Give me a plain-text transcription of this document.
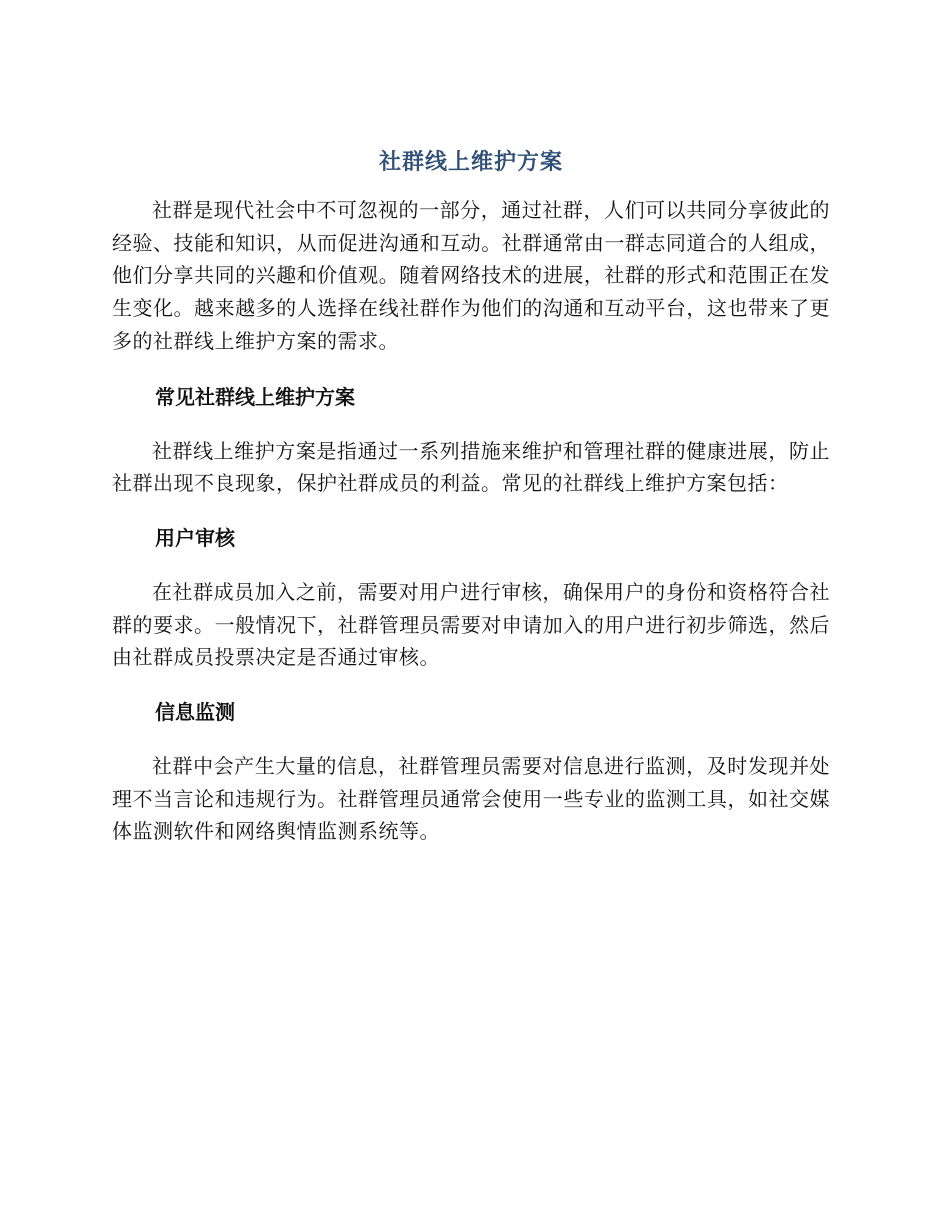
社群线上维护方案

社群是现代社会中不可忽视的一部分，通过社群，人们可以共同分享彼此的经验、技能和知识，从而促进沟通和互动。社群通常由一群志同道合的人组成，他们分享共同的兴趣和价值观。随着网络技术的进展，社群的形式和范围正在发生变化。越来越多的人选择在线社群作为他们的沟通和互动平台，这也带来了更多的社群线上维护方案的需求。

常见社群线上维护方案

社群线上维护方案是指通过一系列措施来维护和管理社群的健康进展，防止社群出现不良现象，保护社群成员的利益。常见的社群线上维护方案包括：

用户审核

在社群成员加入之前，需要对用户进行审核，确保用户的身份和资格符合社群的要求。一般情况下，社群管理员需要对申请加入的用户进行初步筛选，然后由社群成员投票决定是否通过审核。

信息监测

社群中会产生大量的信息，社群管理员需要对信息进行监测，及时发现并处理不当言论和违规行为。社群管理员通常会使用一些专业的监测工具，如社交媒体监测软件和网络舆情监测系统等。
